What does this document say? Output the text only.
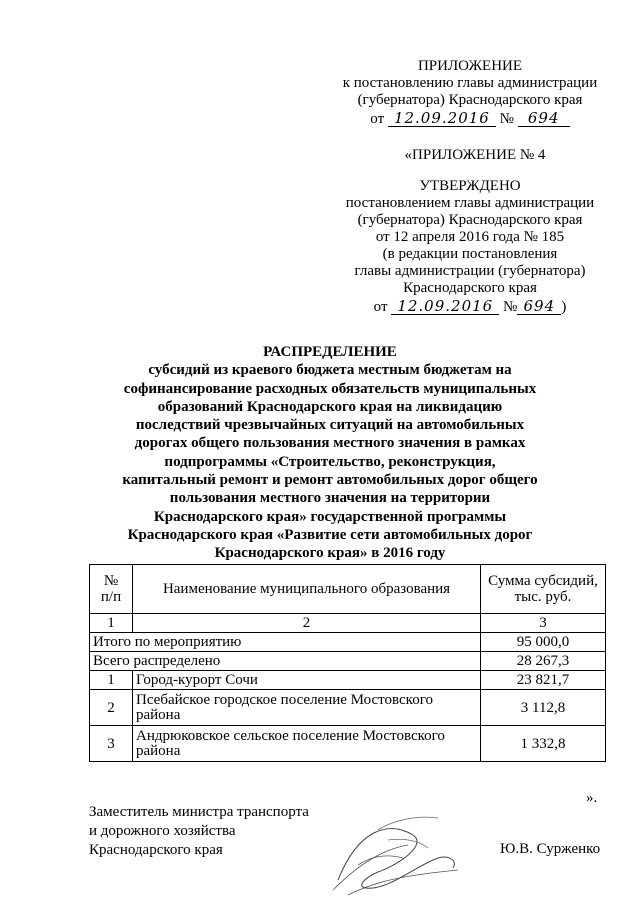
ПРИЛОЖЕНИЕ
к постановлению главы администрации
(губернатора) Краснодарского края
от 12.09.2016 № 694
«ПРИЛОЖЕНИЕ № 4
УТВЕРЖДЕНО
постановлением главы администрации
(губернатора) Краснодарского края
от 12 апреля 2016 года № 185
(в редакции постановления
главы администрации (губернатора)
Краснодарского края
от 12.09.2016 № 694 )
РАСПРЕДЕЛЕНИЕ
субсидий из краевого бюджета местным бюджетам на
софинансирование расходных обязательств муниципальных
образований Краснодарского края на ликвидацию
последствий чрезвычайных ситуаций на автомобильных
дорогах общего пользования местного значения в рамках
подпрограммы «Строительство, реконструкция,
капитальный ремонт и ремонт автомобильных дорог общего
пользования местного значения на территории
Краснодарского края» государственной программы
Краснодарского края «Развитие сети автомобильных дорог
Краснодарского края» в 2016 году
№
п/п	Наименование муниципального образования	Сумма субсидий,
тыс. руб.

1	2	3
Итого по мероприятию		95 000,0
Всего распределено		28 267,3
1	Город-курорт Сочи	23 821,7
2	Псебайское городское поселение Мостовского
района	3 112,8
3	Андрюковское сельское поселение Мостовского
района	1 332,8
».
Заместитель министра транспорта
и дорожного хозяйства
Краснодарского края	Ю.В. Сурженко
